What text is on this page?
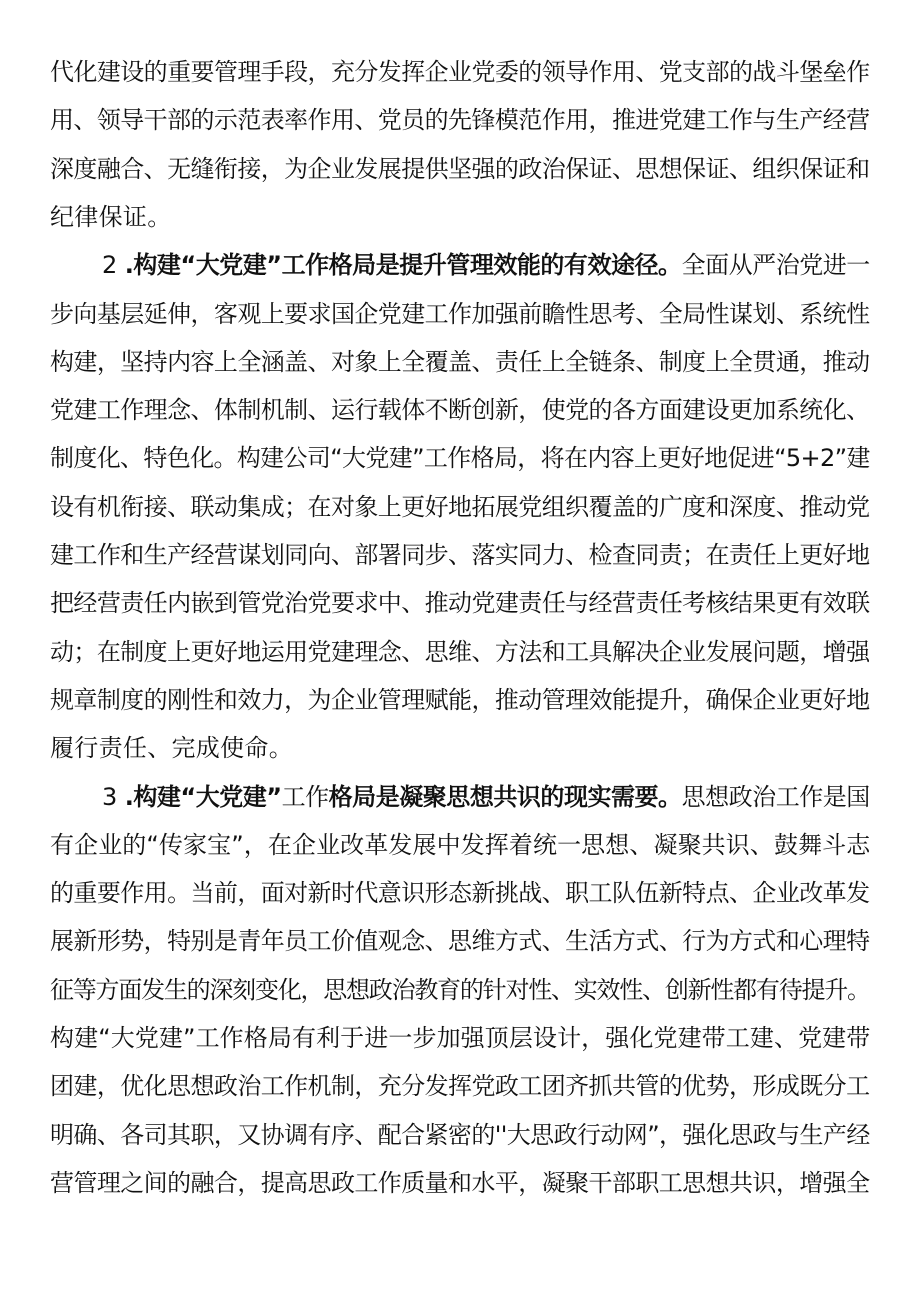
代化建设的重要管理手段，充分发挥企业党委的领导作用、党支部的战斗堡垒作
用、领导干部的示范表率作用、党员的先锋模范作用，推进党建工作与生产经营
深度融合、无缝衔接，为企业发展提供坚强的政治保证、思想保证、组织保证和
纪律保证。
2 .构建“大党建”工作格局是提升管理效能的有效途径。全面从严治党进一
步向基层延伸，客观上要求国企党建工作加强前瞻性思考、全局性谋划、系统性
构建，坚持内容上全涵盖、对象上全覆盖、责任上全链条、制度上全贯通，推动
党建工作理念、体制机制、运行载体不断创新，使党的各方面建设更加系统化、
制度化、特色化。构建公司“大党建”工作格局，将在内容上更好地促进“5+2”建
设有机衔接、联动集成；在对象上更好地拓展党组织覆盖的广度和深度、推动党
建工作和生产经营谋划同向、部署同步、落实同力、检查同责；在责任上更好地
把经营责任内嵌到管党治党要求中、推动党建责任与经营责任考核结果更有效联
动；在制度上更好地运用党建理念、思维、方法和工具解决企业发展问题，增强
规章制度的刚性和效力，为企业管理赋能，推动管理效能提升，确保企业更好地
履行责任、完成使命。
3 .构建“大党建”工作格局是凝聚思想共识的现实需要。思想政治工作是国
有企业的“传家宝”，在企业改革发展中发挥着统一思想、凝聚共识、鼓舞斗志
的重要作用。当前，面对新时代意识形态新挑战、职工队伍新特点、企业改革发
展新形势，特别是青年员工价值观念、思维方式、生活方式、行为方式和心理特
征等方面发生的深刻变化，思想政治教育的针对性、实效性、创新性都有待提升。
构建“大党建”工作格局有利于进一步加强顶层设计，强化党建带工建、党建带
团建，优化思想政治工作机制，充分发挥党政工团齐抓共管的优势，形成既分工
明确、各司其职，又协调有序、配合紧密的''大思政行动网”，强化思政与生产经
营管理之间的融合，提高思政工作质量和水平，凝聚干部职工思想共识，增强全
